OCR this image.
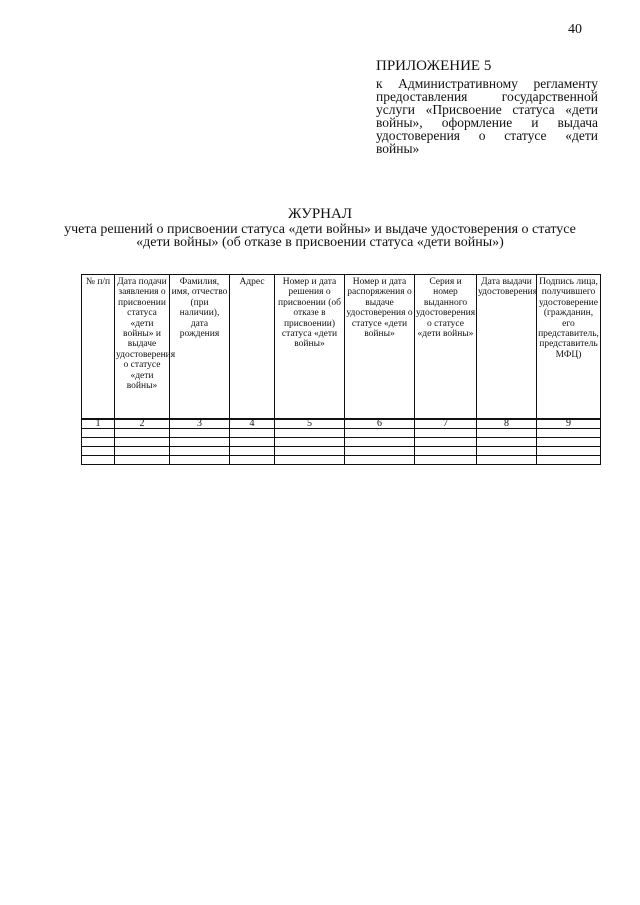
40
ПРИЛОЖЕНИЕ 5
к Административному регламенту предоставления государственной услуги «Присвоение статуса «дети войны», оформление и выдача удостоверения о статусе «дети войны»
ЖУРНАЛ
учета решений о присвоении статуса «дети войны» и выдаче удостоверения о статусе «дети войны» (об отказе в присвоении статуса «дети войны»)
№ п/п	Дата подачи заявления о присвоении статуса «дети войны» и выдаче удостоверения о статусе «дети войны»	Фамилия, имя, отчество (при наличии), дата рождения	Адрес	Номер и дата решения о присвоении (об отказе в присвоении) статуса «дети войны»	Номер и дата распоряжения о выдаче удостоверения о статусе «дети войны»	Серия и номер выданного удостоверения о статусе «дети войны»	Дата выдачи удостоверения	Подпись лица, получившего удостоверение (гражданин, его представитель, представитель МФЦ)
1	2	3	4	5	6	7	8	9
